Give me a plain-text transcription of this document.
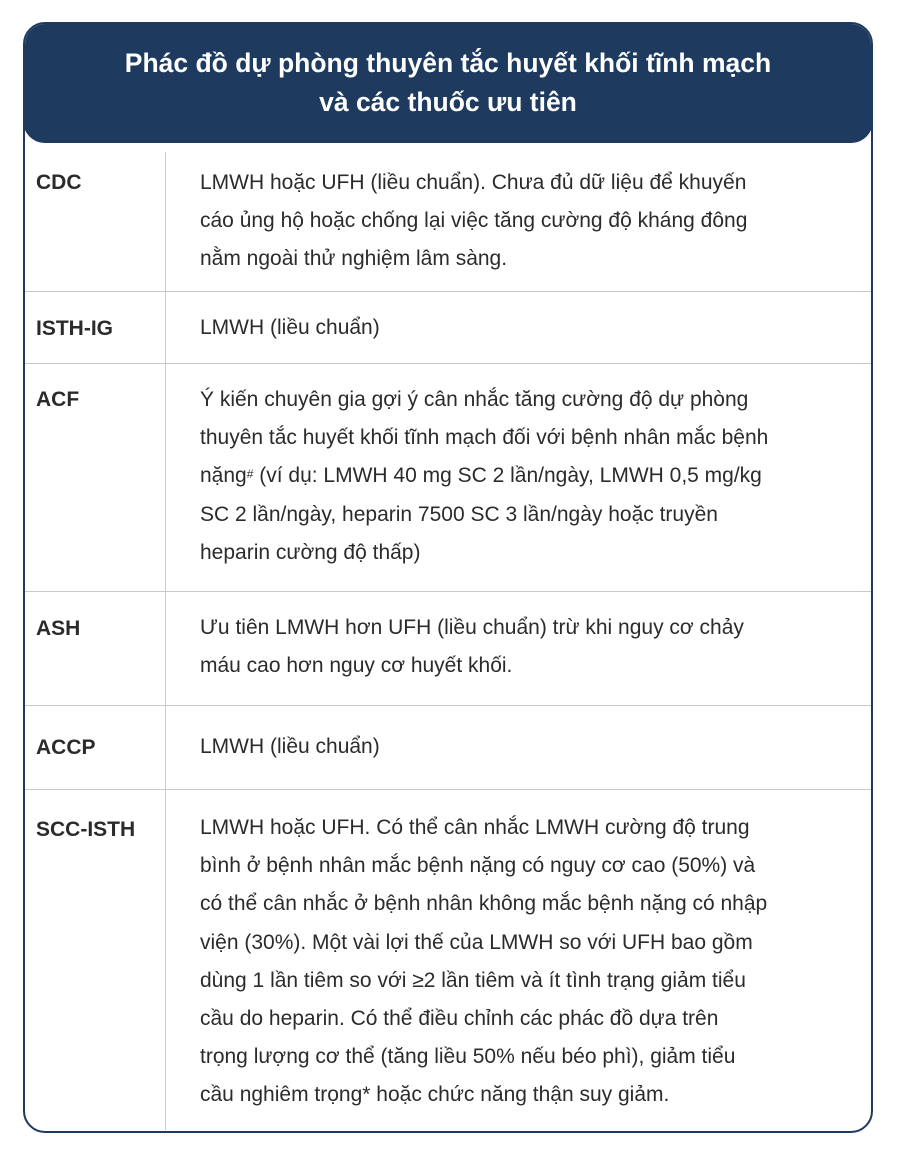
Phác đồ dự phòng thuyên tắc huyết khối tĩnh mạch
và các thuốc ưu tiên
CDC	LMWH hoặc UFH (liều chuẩn). Chưa đủ dữ liệu để khuyến
cáo ủng hộ hoặc chống lại việc tăng cường độ kháng đông
nằm ngoài thử nghiệm lâm sàng.
ISTH-IG	LMWH (liều chuẩn)
ACF	Ý kiến chuyên gia gợi ý cân nhắc tăng cường độ dự phòng
thuyên tắc huyết khối tĩnh mạch đối với bệnh nhân mắc bệnh
nặng# (ví dụ: LMWH 40 mg SC 2 lần/ngày, LMWH 0,5 mg/kg
SC 2 lần/ngày, heparin 7500 SC 3 lần/ngày hoặc truyền
heparin cường độ thấp)
ASH	Ưu tiên LMWH hơn UFH (liều chuẩn) trừ khi nguy cơ chảy
máu cao hơn nguy cơ huyết khối.
ACCP	LMWH (liều chuẩn)
SCC-ISTH	LMWH hoặc UFH. Có thể cân nhắc LMWH cường độ trung
bình ở bệnh nhân mắc bệnh nặng có nguy cơ cao (50%) và
có thể cân nhắc ở bệnh nhân không mắc bệnh nặng có nhập
viện (30%). Một vài lợi thế của LMWH so với UFH bao gồm
dùng 1 lần tiêm so với ≥2 lần tiêm và ít tình trạng giảm tiểu
cầu do heparin. Có thể điều chỉnh các phác đồ dựa trên
trọng lượng cơ thể (tăng liều 50% nếu béo phì), giảm tiểu
cầu nghiêm trọng* hoặc chức năng thận suy giảm.
